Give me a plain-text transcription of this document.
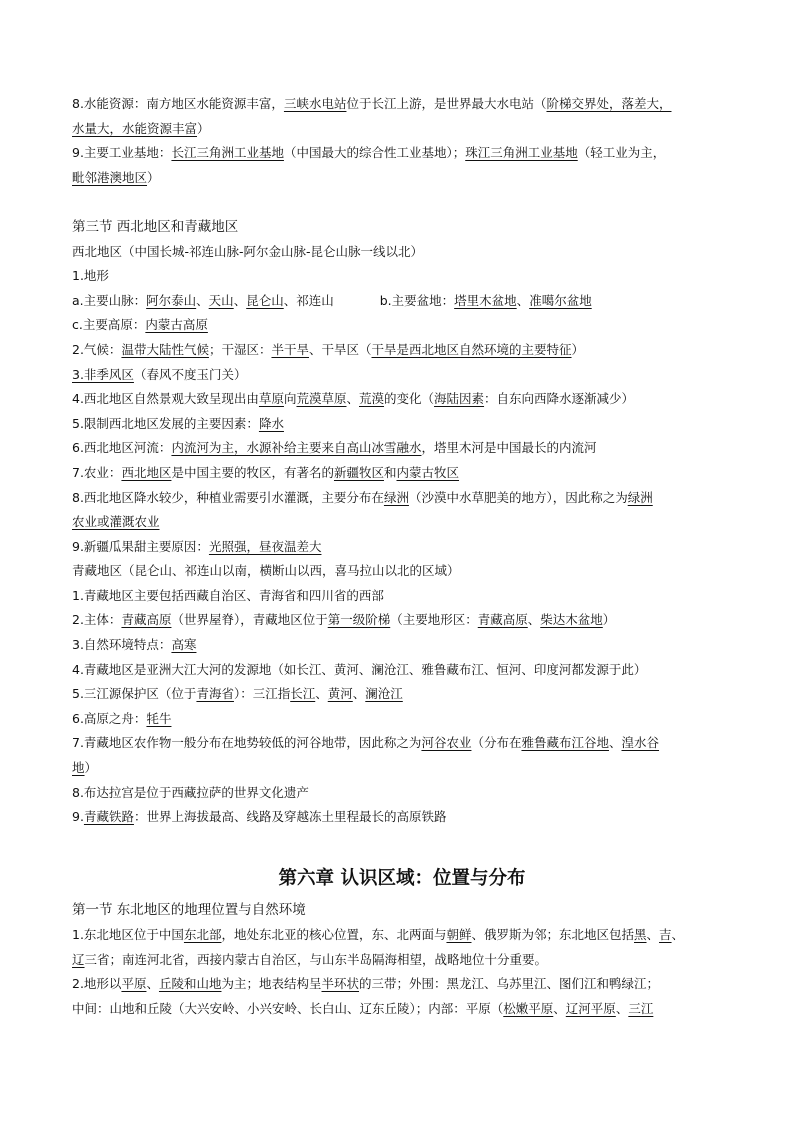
8.水能资源：南方地区水能资源丰富，三峡水电站位于长江上游，是世界最大水电站（阶梯交界处，落差大，
水量大，水能资源丰富）
9.主要工业基地：长江三角洲工业基地（中国最大的综合性工业基地）；珠江三角洲工业基地（轻工业为主，
毗邻港澳地区）
第三节 西北地区和青藏地区
西北地区（中国长城-祁连山脉-阿尔金山脉-昆仑山脉一线以北）
1.地形
a.主要山脉：阿尔泰山、天山、昆仑山、祁连山	b.主要盆地：塔里木盆地、准噶尔盆地
c.主要高原：内蒙古高原
2.气候：温带大陆性气候；干湿区：半干旱、干旱区（干旱是西北地区自然环境的主要特征）
3.非季风区（春风不度玉门关）
4.西北地区自然景观大致呈现出由草原向荒漠草原、荒漠的变化（海陆因素：自东向西降水逐渐减少）
5.限制西北地区发展的主要因素：降水
6.西北地区河流：内流河为主，水源补给主要来自高山冰雪融水，塔里木河是中国最长的内流河
7.农业：西北地区是中国主要的牧区，有著名的新疆牧区和内蒙古牧区
8.西北地区降水较少，种植业需要引水灌溉，主要分布在绿洲（沙漠中水草肥美的地方），因此称之为绿洲
农业或灌溉农业
9.新疆瓜果甜主要原因：光照强，昼夜温差大
青藏地区（昆仑山、祁连山以南，横断山以西，喜马拉山以北的区域）
1.青藏地区主要包括西藏自治区、青海省和四川省的西部
2.主体：青藏高原（世界屋脊），青藏地区位于第一级阶梯（主要地形区：青藏高原、柴达木盆地）
3.自然环境特点：高寒
4.青藏地区是亚洲大江大河的发源地（如长江、黄河、澜沧江、雅鲁藏布江、恒河、印度河都发源于此）
5.三江源保护区（位于青海省）：三江指长江、黄河、澜沧江
6.高原之舟：牦牛
7.青藏地区农作物一般分布在地势较低的河谷地带，因此称之为河谷农业（分布在雅鲁藏布江谷地、湟水谷
地）
8.布达拉宫是位于西藏拉萨的世界文化遗产
9.青藏铁路：世界上海拔最高、线路及穿越冻土里程最长的高原铁路
第六章 认识区域：位置与分布
第一节 东北地区的地理位置与自然环境
1.东北地区位于中国东北部，地处东北亚的核心位置，东、北两面与朝鲜、俄罗斯为邻；东北地区包括黑、吉、
辽三省；南连河北省，西接内蒙古自治区，与山东半岛隔海相望，战略地位十分重要。
2.地形以平原、丘陵和山地为主；地表结构呈半环状的三带；外围：黑龙江、乌苏里江、图们江和鸭绿江；
中间：山地和丘陵（大兴安岭、小兴安岭、长白山、辽东丘陵）；内部：平原（松嫩平原、辽河平原、三江
